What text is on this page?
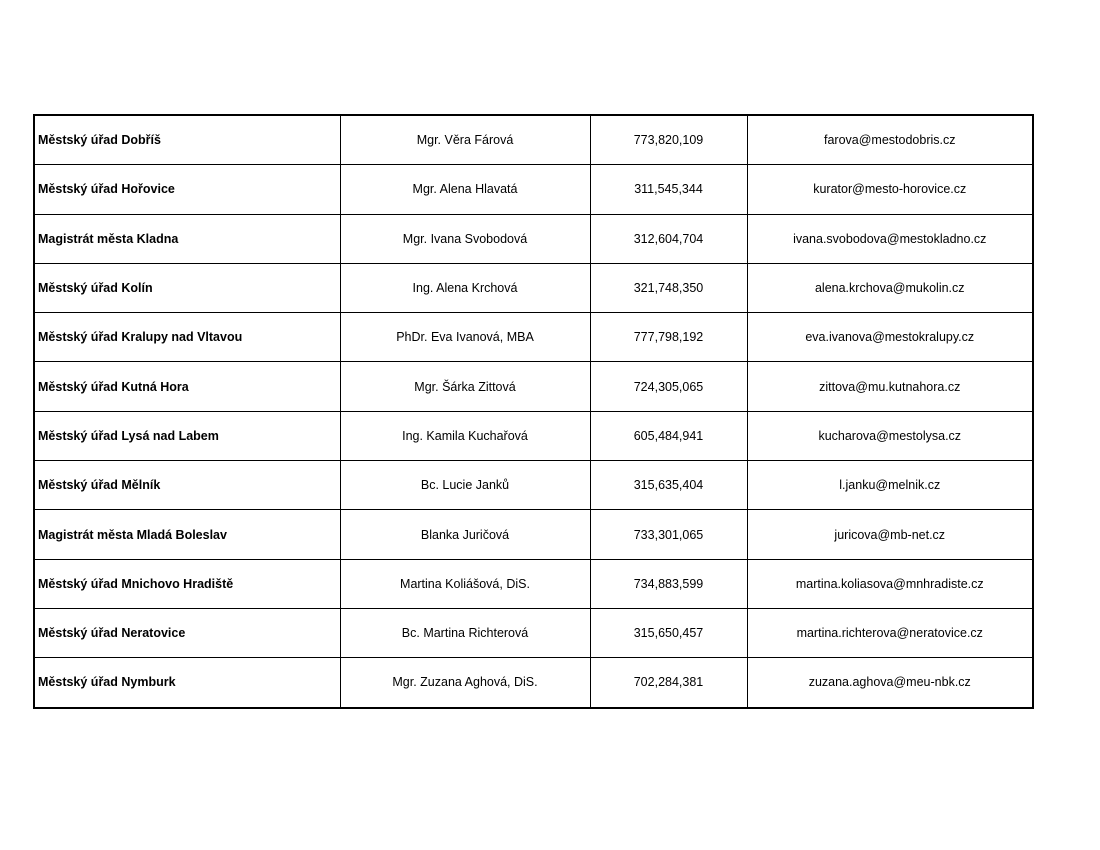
Městský úřad Dobříš	Mgr. Věra Fárová	773,820,109	farova@mestodobris.cz
Městský úřad Hořovice	Mgr. Alena Hlavatá	311,545,344	kurator@mesto-horovice.cz
Magistrát města Kladna	Mgr. Ivana Svobodová	312,604,704	ivana.svobodova@mestokladno.cz
Městský úřad Kolín	Ing. Alena Krchová	321,748,350	alena.krchova@mukolin.cz
Městský úřad Kralupy nad Vltavou	PhDr. Eva Ivanová, MBA	777,798,192	eva.ivanova@mestokralupy.cz
Městský úřad Kutná Hora	Mgr. Šárka Zittová	724,305,065	zittova@mu.kutnahora.cz
Městský úřad Lysá nad Labem	Ing. Kamila Kuchařová	605,484,941	kucharova@mestolysa.cz
Městský úřad Mělník	Bc. Lucie Janků	315,635,404	l.janku@melnik.cz
Magistrát města Mladá Boleslav	Blanka Juričová	733,301,065	juricova@mb-net.cz
Městský úřad Mnichovo Hradiště	Martina Koliášová, DiS.	734,883,599	martina.koliasova@mnhradiste.cz
Městský úřad Neratovice	Bc. Martina Richterová	315,650,457	martina.richterova@neratovice.cz
Městský úřad Nymburk	Mgr. Zuzana Aghová, DiS.	702,284,381	zuzana.aghova@meu-nbk.cz
